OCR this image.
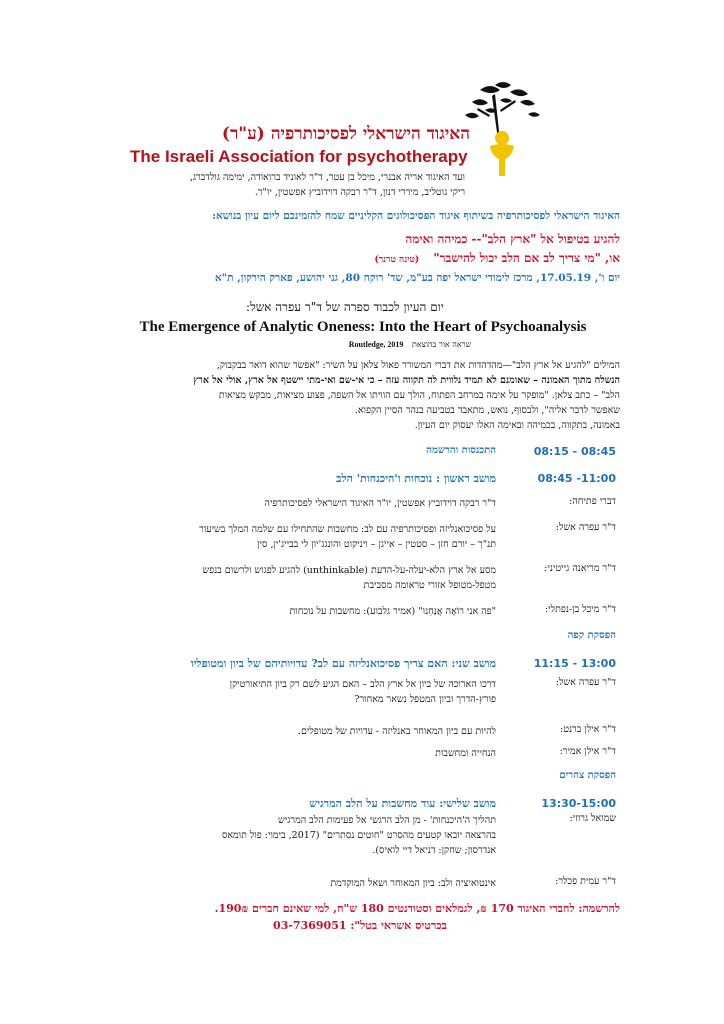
האיגוד הישראלי לפסיכותרפיה (ע"ר)
The Israeli Association for psychotherapy
ועד האיגוד אריה אבנרי, מיכל בן עטר, ד"ר לאוניד ברואודה, ימימה גולדברג,
ריקי גוטליב, מיררי דנון, ד"ר רבקה דוידוביץ אפשטין, יו"ר.
האיגוד הישראלי לפסיכותרפיה בשיתוף איגוד הפסיכולוגים הקליניים שמח להזמינכם ליום עיון בנושא:
להגיע בטיפול אל "ארץ הלב"-- כמיהה ואימה
או, "מי צריך לב אם הלב יכול להישבר" (טינה טרנר)
יום ו', 17.05.19, מרכז לימודי ישראל יפה בע"מ, שד' רוקח 80, גני יהושע, פארק הירקון, ת"א
יום העיון לכבוד ספרה של ד"ר עפרה אשל:
The Emergence of Analytic Oneness: Into the Heart of Psychoanalysis
Routledge, 2019 שראה אור בהוצאת
המילים "להגיע אל ארץ הלב"—מהדהדות את דברי המשורר פאול צלאן על השיר: "אפשר שהוא דואר בבקבוק,
הנשלח מתוך האמונה – שאומנם לא תמיד נלווית לה תקווה עזה – כי אי-שם ואי-מתי יישטף אל ארץ, אולי אל ארץ
הלב" – כתב צלאן. "מופקר על אימה במרחב הפתוח, הולך עם הוויתו אל השפה, פצוע מציאות, מבקש מציאות
שאפשר לדבר אליה", ולבסוף, נואש, מתאבד בטביעה בנהר הסיין הקפוא.
באמונה, בתקווה, בכמיהה ובאימה האלו יעסוק יום העיון.
08:15 - 08:45
התכנסות והרשמה
08:45 -11:00
מושב ראשון : נוכחות ו'היכנחות' הלב
דברי פתיחה:
ד"ר רבקה דוידוביץ אפשטין, יו"ר האיגוד הישראלי לפסיכותרפיה
ד"ר עפרה אשל:
על פסיכואנליזה ופסיכותרפיה עם לב: מחשבות שהתחילו עם שלמה המלך בשיעור
תנ"ך – יורם חזן – סטטין – אייגן – ויניקוט והונגג'יון לי בבייג'ין, סין
ד"ר מריאנה גייטיני:
מסע אל ארץ הלא-יעלה-על-הדעת (unthinkable) להגיע לפגוש ולרשום בנפש
מטפל-מטופל אזורי טראומה מסביבת
ד"ר מיכל בן-נפתלי:
"פה אני רוֹאֶה אֲנַחְנוּ" (אמיר גלבוע): מחשבות על נוכחות
הפסקת קפה
11:15 - 13:00
מושב שני: האם צריך פסיכואנליזה עם לב? עדויותיהם של ביון ומטופליו
ד"ר עפרה אשל:
דרכו הארוכה של ביון אל ארץ הלב – האם הגיע לשם רק ביון התיאורטיקן
פורץ-הדרך וביון המטפל נשאר מאחור?
ד"ר אילן ברנט:
להיות עם ביון המאוחר באנליזה - עדויות של מטופלים.
ד"ר אילן אמיר:
הנחייה ומחשבות
הפסקת צהרים
13:30-15:00
מושב שלישי: עוד מחשבות על הלב המרגיש
שמואל גרוזי:
תהליך ה'היכנחות' - מן הלב הרגשי אל פעימות הלב המרגיש
בהרצאה יובאו קטעים מהסרט "חוטים נסתרים" (2017, בימוי: פול תומאס
אנדרסון; שחקן: דניאל דיי לואיס).
ד"ר עמית פכלר:
אינטואיציה ולב: ביון המאוחר ושאל המוקדמת
להרשמה: לחברי האיגוד 170 ₪, לגמלאים וסטודנטים 180 ש"ח, למי שאינם חברים 190₪.
בכרטיס אשראי בטל": 03-7369051
